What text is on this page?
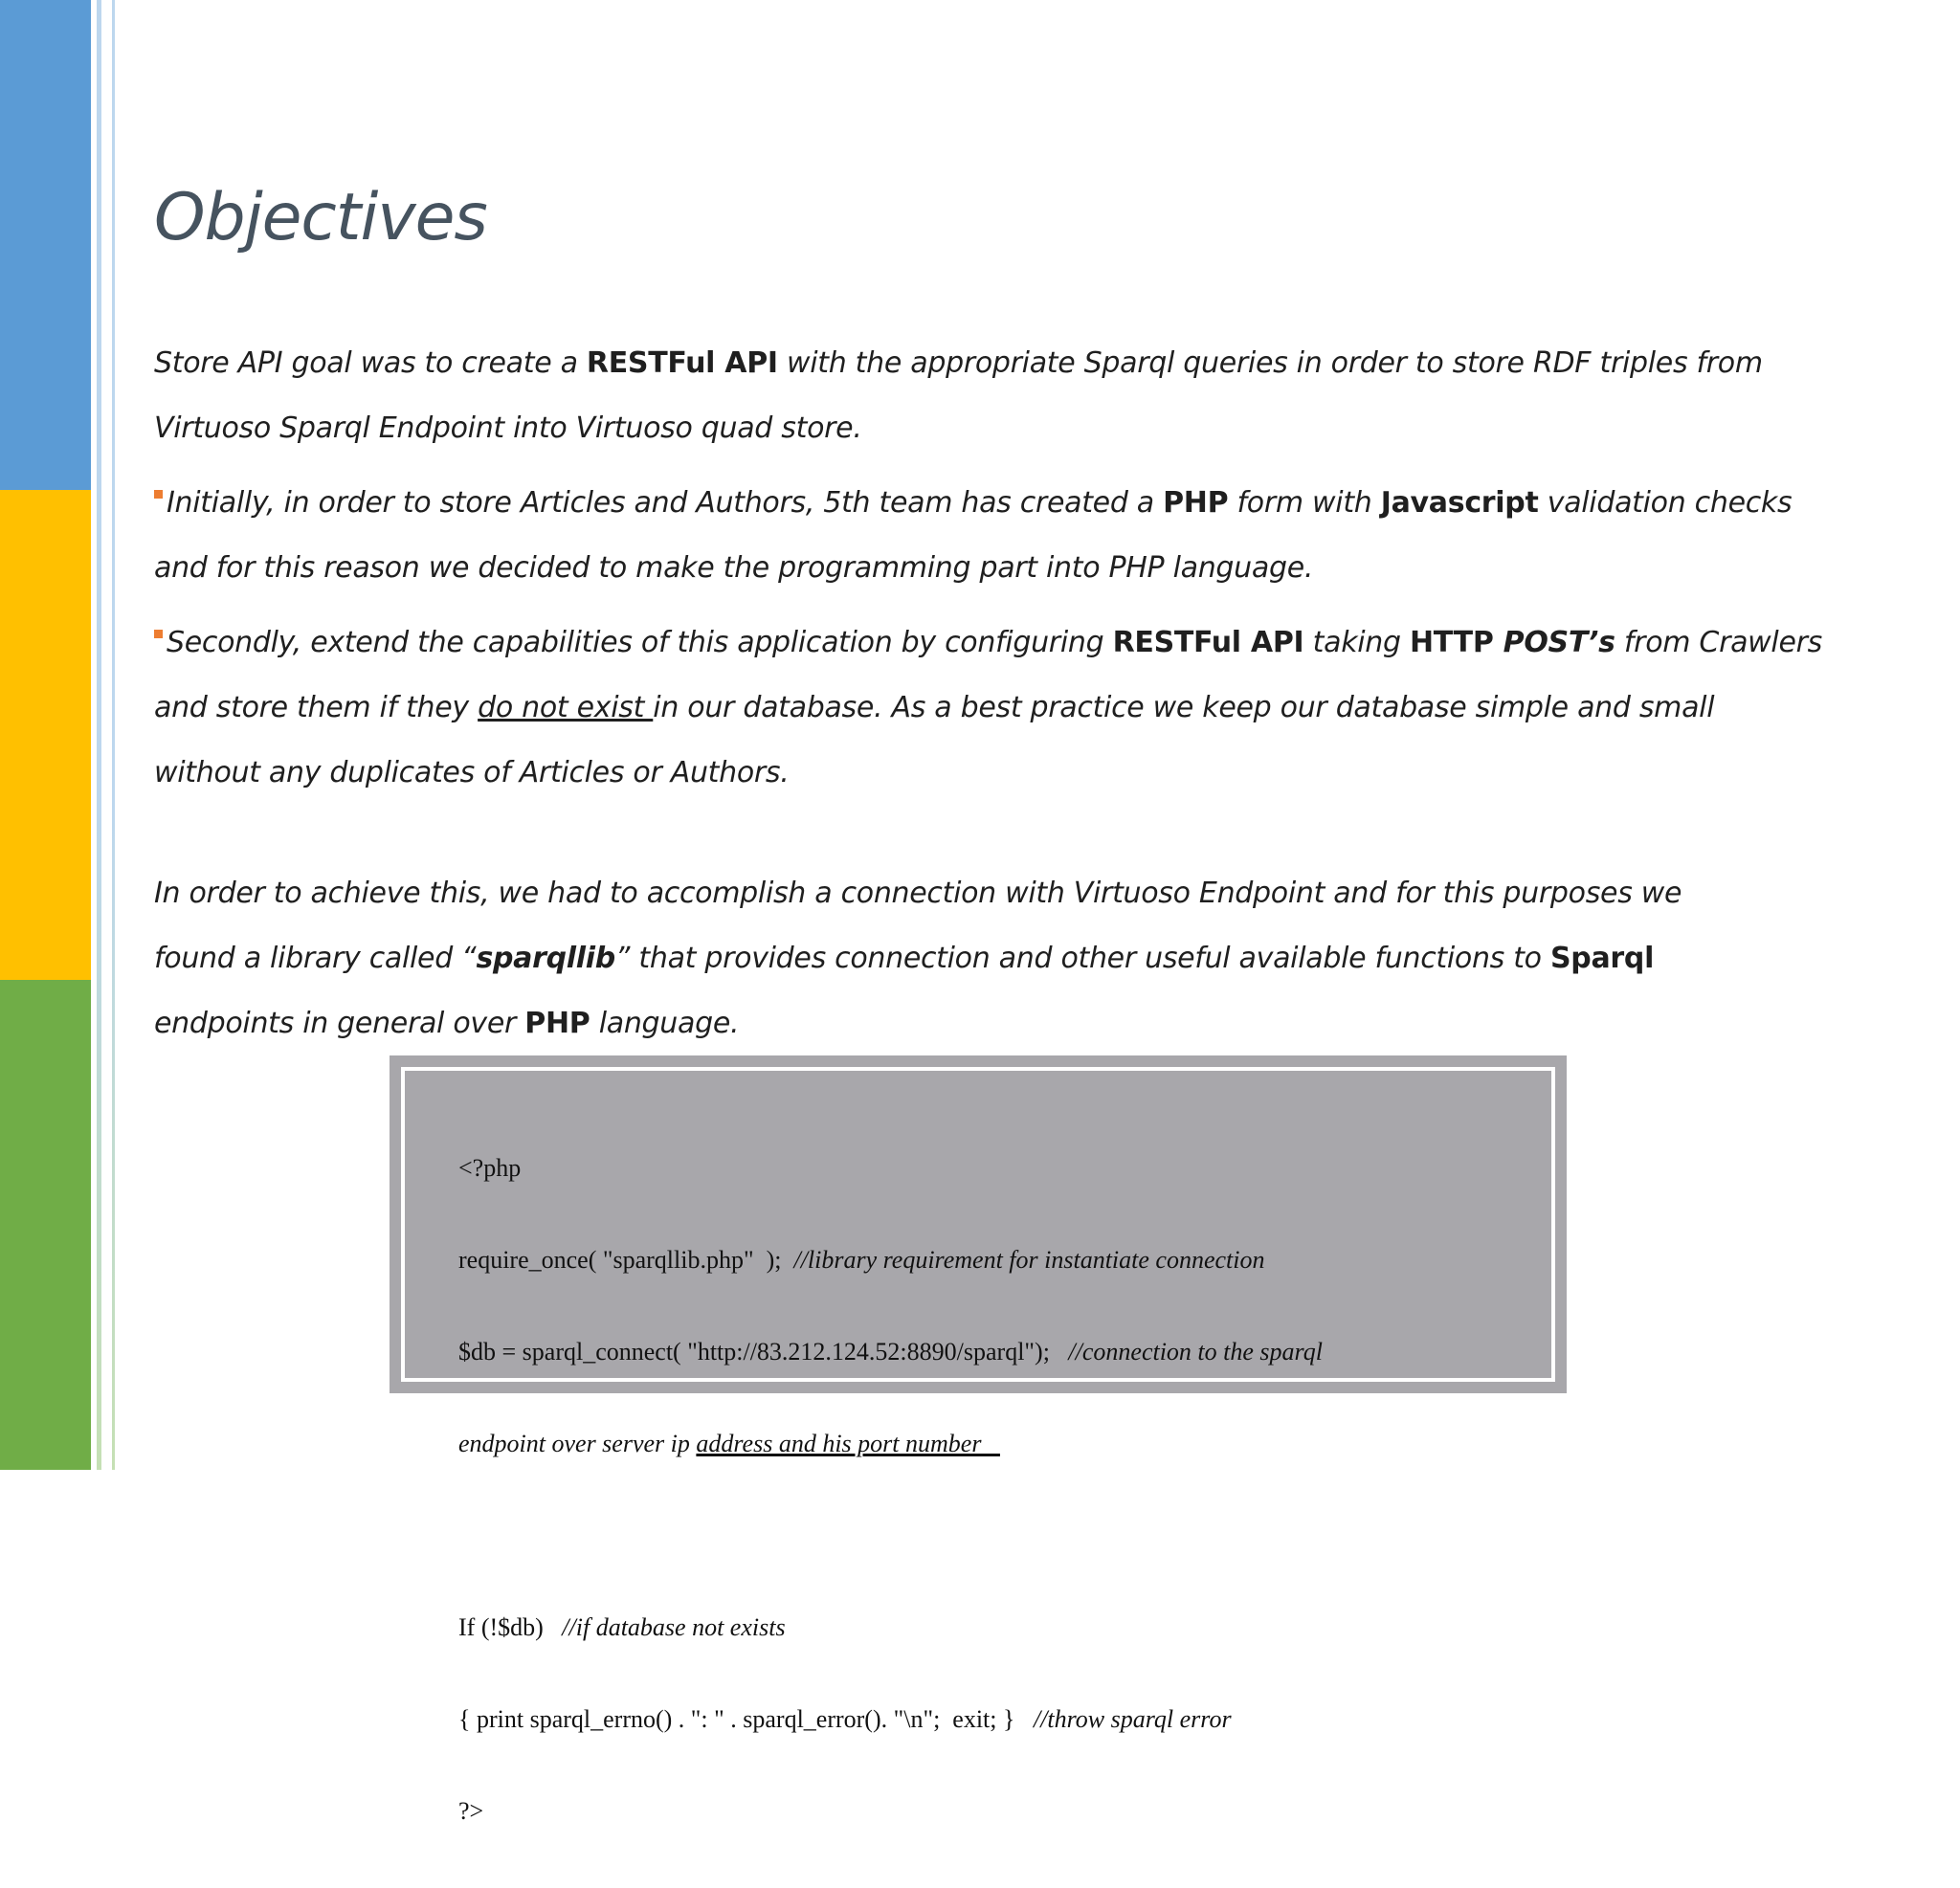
Objectives

Store API goal was to create a RESTFul API with the appropriate Sparql queries in order to store RDF triples from

Virtuoso Sparql Endpoint into Virtuoso quad store.

Initially, in order to store Articles and Authors, 5th team has created a PHP form with Javascript validation checks

and for this reason we decided to make the programming part into PHP language.

Secondly, extend the capabilities of this application by configuring RESTFul API taking HTTP POST’s from Crawlers

and store them if they do not exist in our database. As a best practice we keep our database simple and small

without any duplicates of Articles or Authors.

In order to achieve this, we had to accomplish a connection with Virtuoso Endpoint and for this purposes we

found a library called “sparqllib” that provides connection and other useful available functions to Sparql

endpoints in general over PHP language.

<?php

require_once( "sparqllib.php"  );  //library requirement for instantiate connection

$db = sparql_connect( "http://83.212.124.52:8890/sparql");   //connection to the sparql

endpoint over server ip address and his port number

If (!$db)   //if database not exists

{ print sparql_errno() . ": " . sparql_error(). "\n";  exit; }   //throw sparql error

?>
